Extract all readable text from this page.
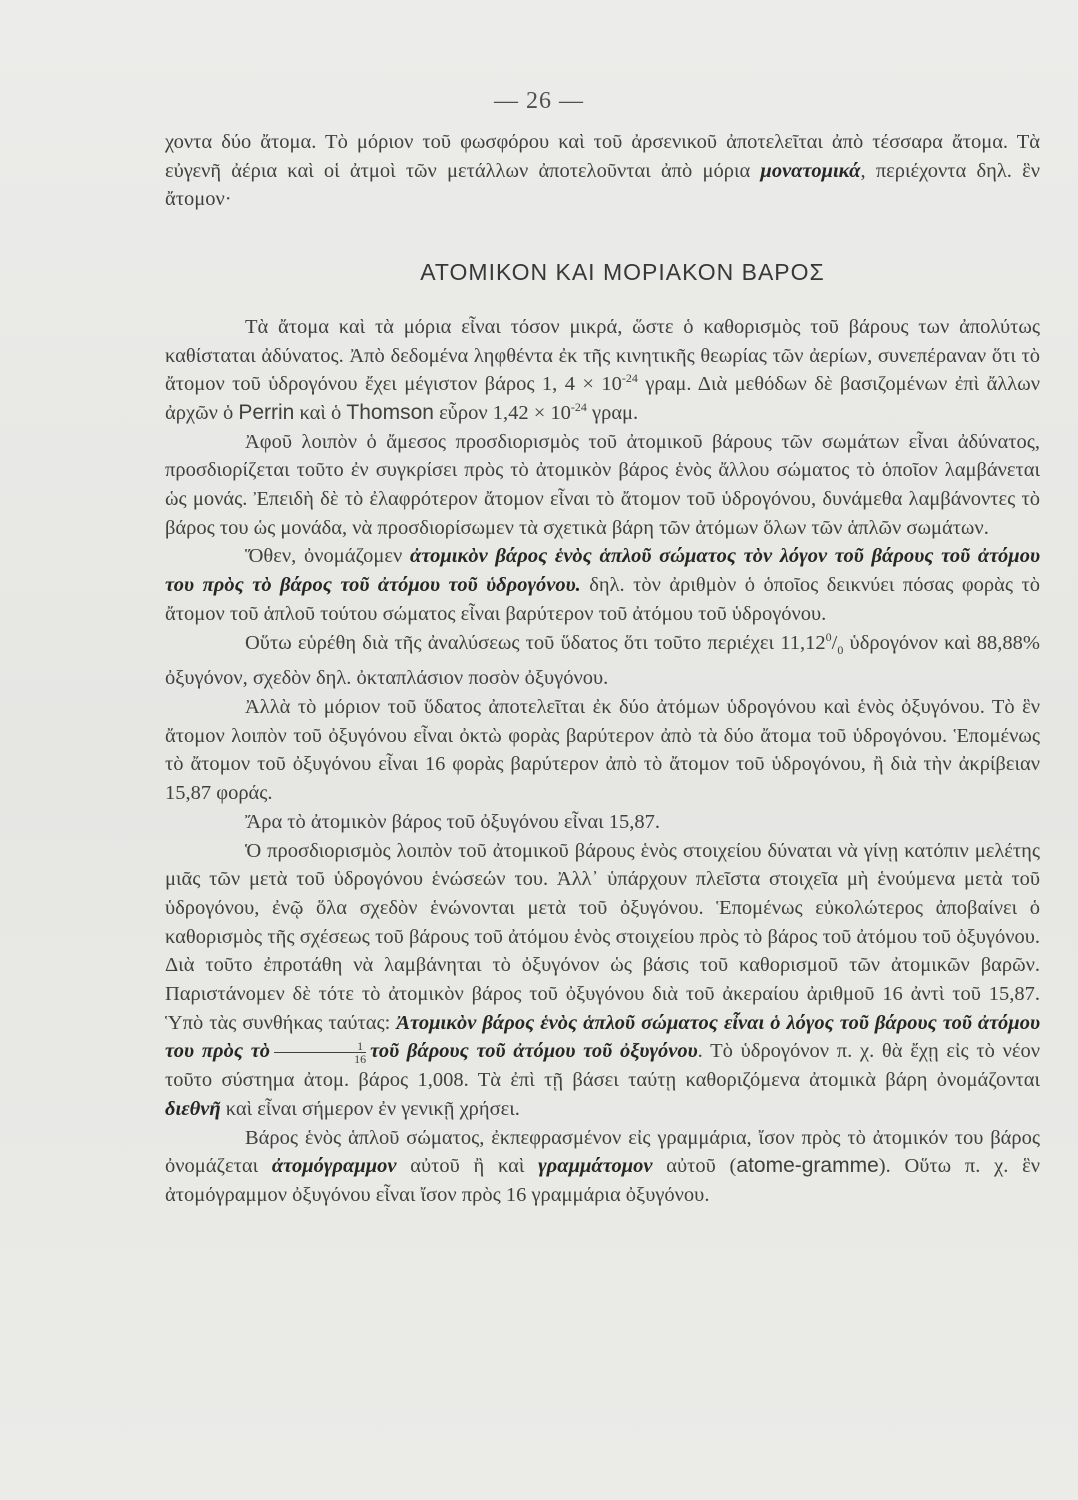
— 26 —

χοντα δύο ἄτομα. Τὸ μόριον τοῦ φωσφόρου καὶ τοῦ ἀρσενικοῦ ἀποτελεῖται ἀπὸ τέσσαρα ἄτομα. Τὰ εὐγενῆ ἀέρια καὶ οἱ ἀτμοὶ τῶν μετάλλων ἀποτελοῦνται ἀπὸ μόρια μονατομικά, περιέχοντα δηλ. ἓν ἄτομον·

ΑΤΟΜΙΚΟΝ ΚΑΙ ΜΟΡΙΑΚΟΝ ΒΑΡΟΣ

Τὰ ἄτομα καὶ τὰ μόρια εἶναι τόσον μικρά, ὥστε ὁ καθορισμὸς τοῦ βάρους των ἀπολύτως καθίσταται ἀδύνατος. Ἀπὸ δεδομένα ληφθέντα ἐκ τῆς κινητικῆς θεωρίας τῶν ἀερίων, συνεπέραναν ὅτι τὸ ἄτομον τοῦ ὑδρογόνου ἔχει μέγιστον βάρος 1, $4 \times 10^{-24}$ γραμ. Διὰ μεθόδων δὲ βασιζομένων ἐπὶ ἄλλων ἀρχῶν ὁ Perrin καὶ ὁ Thomson εὗρον $1,42 \times 10^{-24}$ γραμ.

Ἀφοῦ λοιπὸν ὁ ἄμεσος προσδιορισμὸς τοῦ ἀτομικοῦ βάρους τῶν σωμάτων εἶναι ἀδύνατος, προσδιορίζεται τοῦτο ἐν συγκρίσει πρὸς τὸ ἀτομικὸν βάρος ἑνὸς ἄλλου σώματος τὸ ὁποῖον λαμβάνεται ὡς μονάς. Ἐπειδὴ δὲ τὸ ἐλαφρότερον ἄτομον εἶναι τὸ ἄτομον τοῦ ὑδρογόνου, δυνάμεθα λαμβάνοντες τὸ βάρος του ὡς μονάδα, νὰ προσδιορίσωμεν τὰ σχετικὰ βάρη τῶν ἀτόμων ὅλων τῶν ἁπλῶν σωμάτων.

Ὅθεν, ὀνομάζομεν ἀτομικὸν βάρος ἑνὸς ἁπλοῦ σώματος τὸν λόγον τοῦ βάρους τοῦ ἀτόμου του πρὸς τὸ βάρος τοῦ ἀτόμου τοῦ ὑδρογόνου. δηλ. τὸν ἀριθμὸν ὁ ὁποῖος δεικνύει πόσας φορὰς τὸ ἄτομον τοῦ ἁπλοῦ τούτου σώματος εἶναι βαρύτερον τοῦ ἀτόμου τοῦ ὑδρογόνου.

Οὕτω εὑρέθη διὰ τῆς ἀναλύσεως τοῦ ὕδατος ὅτι τοῦτο περιέχει $11,12^0/_0$ ὑδρογόνον καὶ 88,88% ὀξυγόνον, σχεδὸν δηλ. ὀκταπλάσιον ποσὸν ὀξυγόνου.

Ἀλλὰ τὸ μόριον τοῦ ὕδατος ἀποτελεῖται ἐκ δύο ἀτόμων ὑδρογόνου καὶ ἑνὸς ὀξυγόνου. Τὸ ἓν ἄτομον λοιπὸν τοῦ ὀξυγόνου εἶναι ὀκτὼ φορὰς βαρύτερον ἀπὸ τὰ δύο ἄτομα τοῦ ὑδρογόνου. Ἑπομένως τὸ ἄτομον τοῦ ὀξυγόνου εἶναι 16 φορὰς βαρύτερον ἀπὸ τὸ ἄτομον τοῦ ὑδρογόνου, ἢ διὰ τὴν ἀκρίβειαν 15,87 φοράς.

Ἄρα τὸ ἀτομικὸν βάρος τοῦ ὀξυγόνου εἶναι 15,87.

Ὁ προσδιορισμὸς λοιπὸν τοῦ ἀτομικοῦ βάρους ἑνὸς στοιχείου δύναται νὰ γίνῃ κατόπιν μελέτης μιᾶς τῶν μετὰ τοῦ ὑδρογόνου ἑνώσεών του. Ἀλλ᾿ ὑπάρχουν πλεῖστα στοιχεῖα μὴ ἑνούμενα μετὰ τοῦ ὑδρογόνου, ἐνῷ ὅλα σχεδὸν ἑνώνονται μετὰ τοῦ ὀξυγόνου. Ἑπομένως εὐκολώτερος ἀποβαίνει ὁ καθορισμὸς τῆς σχέσεως τοῦ βάρους τοῦ ἀτόμου ἑνὸς στοιχείου πρὸς τὸ βάρος τοῦ ἀτόμου τοῦ ὀξυγόνου. Διὰ τοῦτο ἐπροτάθη νὰ λαμβάνηται τὸ ὀξυγόνον ὡς βάσις τοῦ καθορισμοῦ τῶν ἀτομικῶν βαρῶν. Παριστάνομεν δὲ τότε τὸ ἀτομικὸν βάρος τοῦ ὀξυγόνου διὰ τοῦ ἀκεραίου ἀριθμοῦ 16 ἀντὶ τοῦ 15,87. Ὑπὸ τὰς συνθήκας ταύτας: Ἀτομικὸν βάρος ἑνὸς ἁπλοῦ σώματος εἶναι ὁ λόγος τοῦ βάρους τοῦ ἀτόμου του πρὸς τὸ $\frac{1}{16}$ τοῦ βάρους τοῦ ἀτόμου τοῦ ὀξυγόνου. Τὸ ὑδρογόνον π. χ. θὰ ἔχῃ εἰς τὸ νέον τοῦτο σύστημα ἀτομ. βάρος 1,008. Τὰ ἐπὶ τῇ βάσει ταύτῃ καθοριζόμενα ἀτομικὰ βάρη ὀνομάζονται διεθνῆ καὶ εἶναι σήμερον ἐν γενικῇ χρήσει.

Βάρος ἑνὸς ἁπλοῦ σώματος, ἐκπεφρασμένον εἰς γραμμάρια, ἴσον πρὸς τὸ ἀτομικόν του βάρος ὀνομάζεται ἀτομόγραμμον αὐτοῦ ἢ καὶ γραμμάτομον αὐτοῦ (atome-gramme). Οὕτω π. χ. ἓν ἀτομόγραμμον ὀξυγόνου εἶναι ἴσον πρὸς 16 γραμμάρια ὀξυγόνου.
